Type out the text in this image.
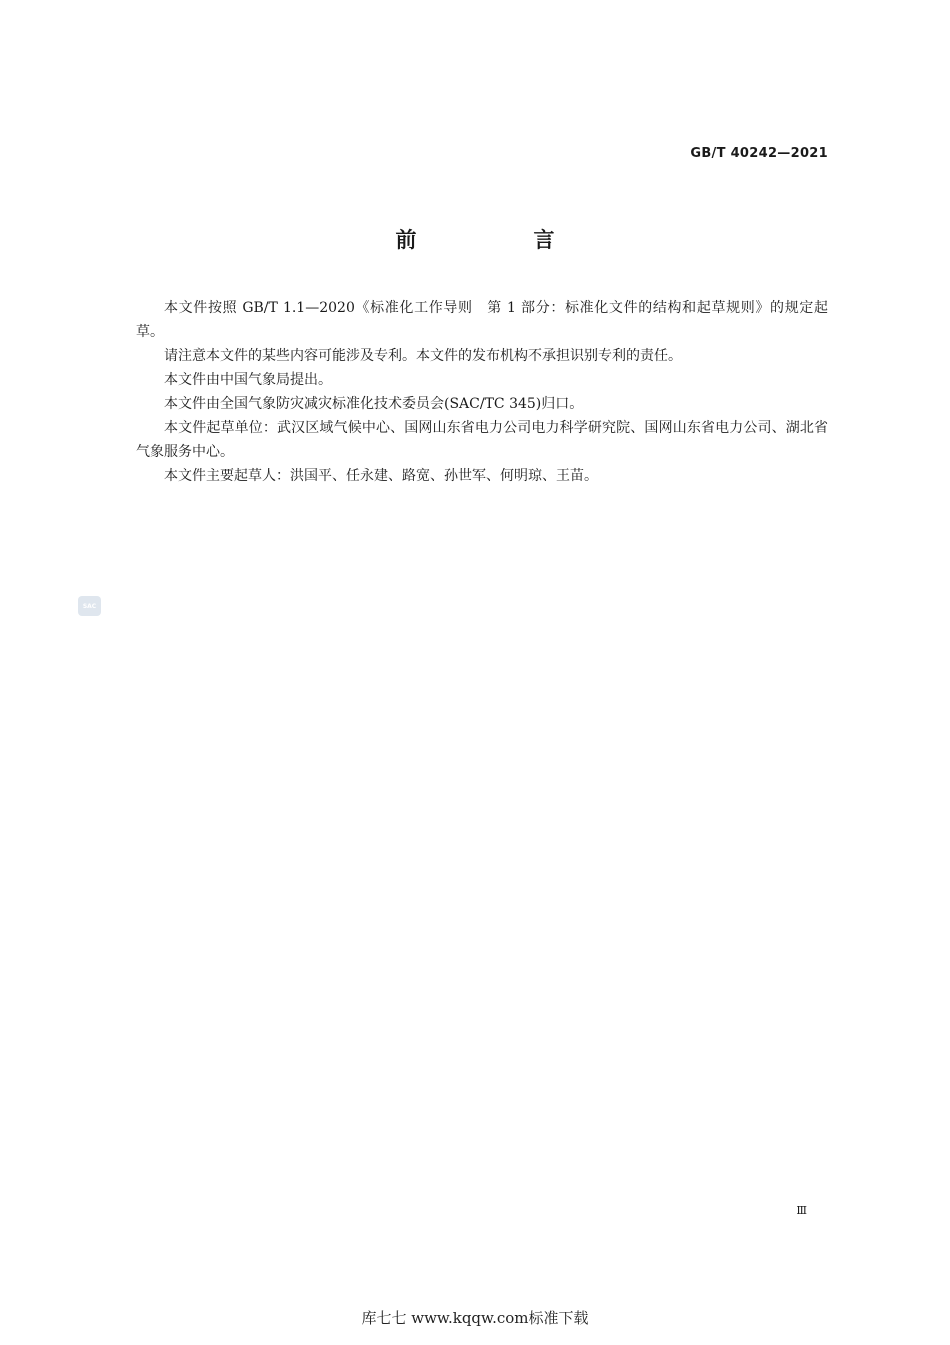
GB/T 40242—2021
前　言

本文件按照 GB/T 1.1—2020《标准化工作导则　第 1 部分：标准化文件的结构和起草规则》的规定起草。

请注意本文件的某些内容可能涉及专利。本文件的发布机构不承担识别专利的责任。

本文件由中国气象局提出。

本文件由全国气象防灾减灾标准化技术委员会(SAC/TC 345)归口。

本文件起草单位：武汉区域气候中心、国网山东省电力公司电力科学研究院、国网山东省电力公司、湖北省气象服务中心。

本文件主要起草人：洪国平、任永建、路宽、孙世军、何明琼、王苗。

SAC
Ⅲ
库七七 www.kqqw.com标准下载
